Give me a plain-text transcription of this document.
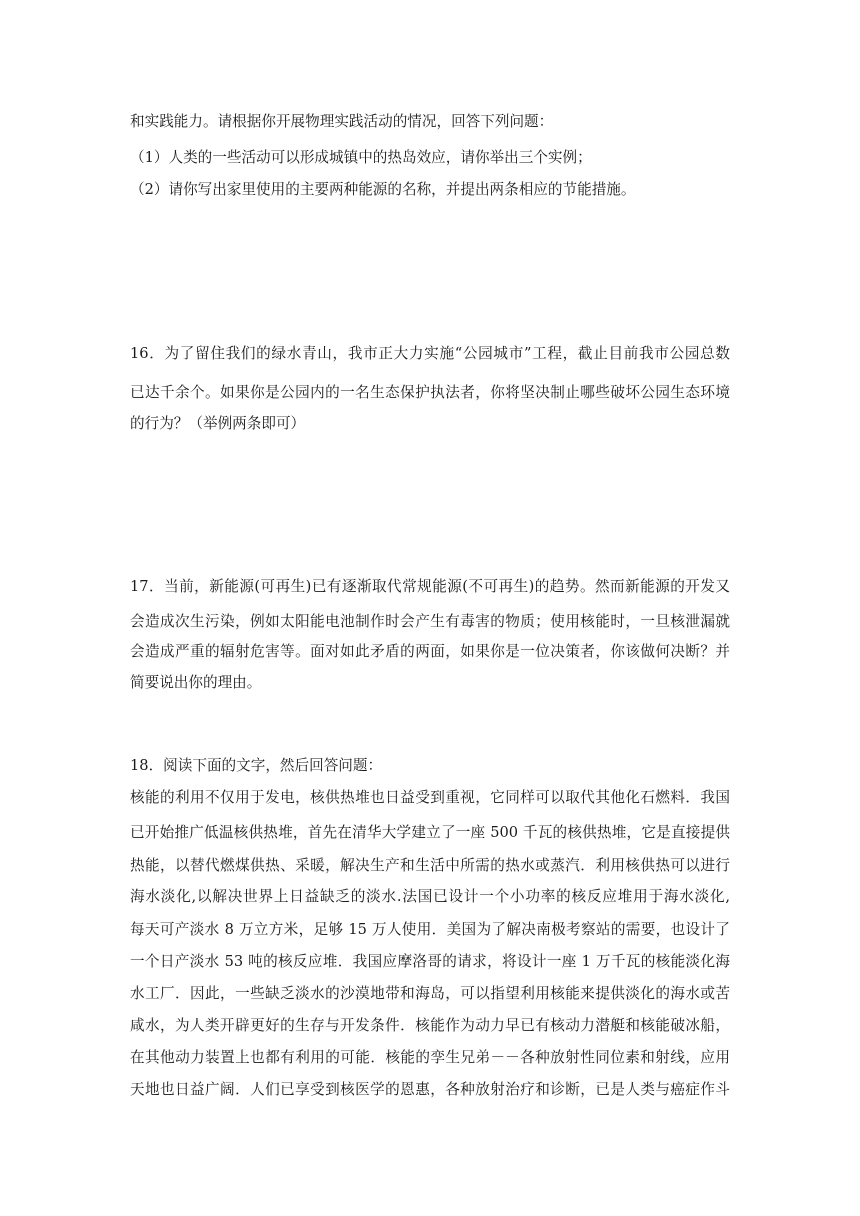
和实践能力。请根据你开展物理实践活动的情况，回答下列问题：
（1）人类的一些活动可以形成城镇中的热岛效应，请你举出三个实例；
（2）请你写出家里使用的主要两种能源的名称，并提出两条相应的节能措施。
16．为了留住我们的绿水青山，我市正大力实施“公园城市”工程，截止目前我市公园总数
已达千余个。如果你是公园内的一名生态保护执法者，你将坚决制止哪些破坏公园生态环境
的行为？（举例两条即可）
17．当前，新能源(可再生)已有逐渐取代常规能源(不可再生)的趋势。然而新能源的开发又
会造成次生污染，例如太阳能电池制作时会产生有毒害的物质；使用核能时，一旦核泄漏就
会造成严重的辐射危害等。面对如此矛盾的两面，如果你是一位决策者，你该做何决断？并
简要说出你的理由。
18．阅读下面的文字，然后回答问题：
核能的利用不仅用于发电，核供热堆也日益受到重视，它同样可以取代其他化石燃料．我国
已开始推广低温核供热堆，首先在清华大学建立了一座 500 千瓦的核供热堆，它是直接提供
热能，以替代燃煤供热、采暖，解决生产和生活中所需的热水或蒸汽．利用核供热可以进行
海水淡化,以解决世界上日益缺乏的淡水.法国已设计一个小功率的核反应堆用于海水淡化,
每天可产淡水 8 万立方米，足够 15 万人使用．美国为了解决南极考察站的需要，也设计了
一个日产淡水 53 吨的核反应堆．我国应摩洛哥的请求，将设计一座 1 万千瓦的核能淡化海
水工厂．因此，一些缺乏淡水的沙漠地带和海岛，可以指望利用核能来提供淡化的海水或苦
咸水，为人类开辟更好的生存与开发条件．核能作为动力早已有核动力潜艇和核能破冰船，
在其他动力装置上也都有利用的可能．核能的孪生兄弟－－各种放射性同位素和射线，应用
天地也日益广阔．人们已享受到核医学的恩惠，各种放射治疗和诊断，已是人类与癌症作斗
